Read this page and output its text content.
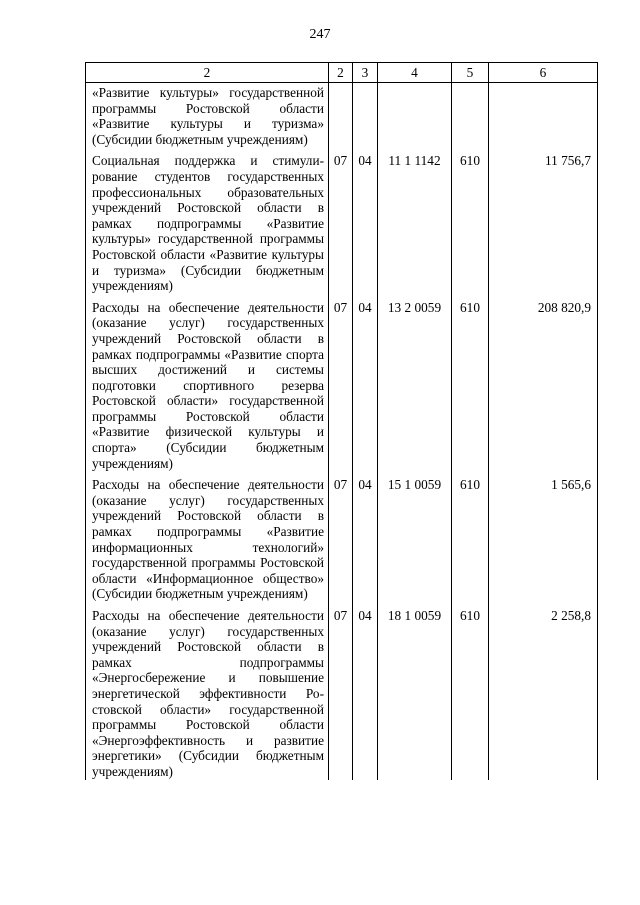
247
2	2	3	4	5	6
«Развитие культуры» государственной программы Ростовской области «Развитие культуры и туризма» (Субсидии бюджетным учреждениям)					
Социальная поддержка и стимулирование студентов государственных профессиональных образовательных учреждений Ростовской области в рамках подпрограммы «Развитие культуры» государственной программы Ростовской области «Развитие культуры и туризма» (Субсидии бюджетным учреждениям)	07	04	11 1 1142	610	11 756,7
Расходы на обеспечение деятельности (оказание услуг) государственных учреждений Ростовской области в рамках подпрограммы «Развитие спорта высших достижений и системы подготовки спортивного резерва Ростовской области» государственной программы Ростовской области «Развитие физической культуры и спорта» (Субсидии бюджетным учреждениям)	07	04	13 2 0059	610	208 820,9
Расходы на обеспечение деятельности (оказание услуг) государственных учреждений Ростовской области в рамках подпрограммы «Развитие информационных технологий» государственной программы Ростовской области «Информационное общество» (Субсидии бюджетным учреждениям)	07	04	15 1 0059	610	1 565,6
Расходы на обеспечение деятельности (оказание услуг) государственных учреждений Ростовской области в рамках подпрограммы «Энергосбережение и повышение энергетической эффективности Ростовской области» государственной программы Ростовской области «Энергоэффективность и развитие энергетики» (Субсидии бюджетным учреждениям)	07	04	18 1 0059	610	2 258,8
